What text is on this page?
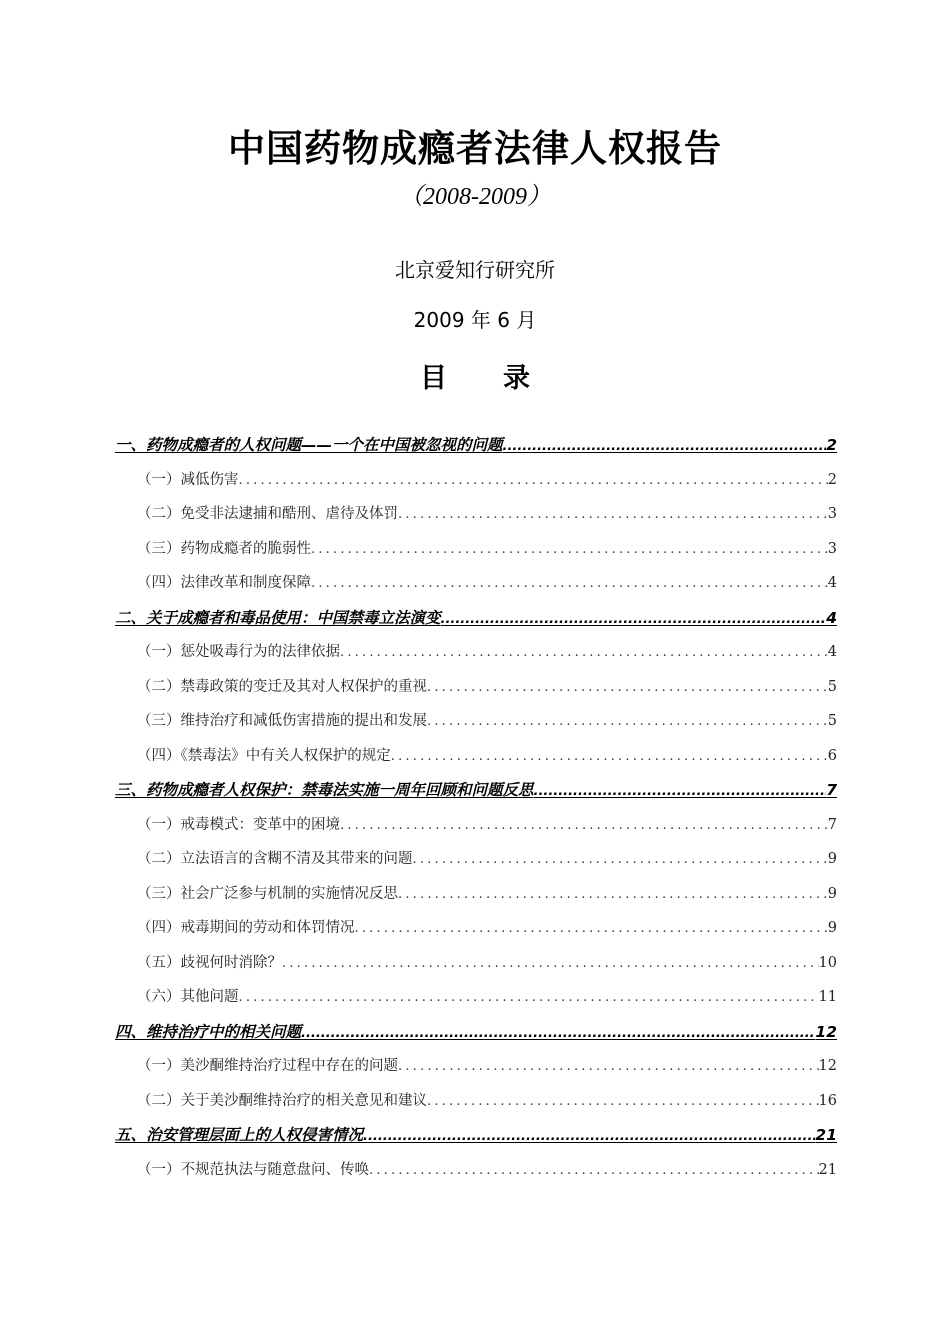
中国药物成瘾者法律人权报告
（2008-2009）
北京爱知行研究所
2009 年 6 月
目录
一、药物成瘾者的人权问题——一个在中国被忽视的问题 .....	2
（一）减低伤害 .....	2
（二）免受非法逮捕和酷刑、虐待及体罚 .....	3
（三）药物成瘾者的脆弱性 .....	3
（四）法律改革和制度保障 .....	4
二、关于成瘾者和毒品使用：中国禁毒立法演变 .....	4
（一）惩处吸毒行为的法律依据 .....	4
（二）禁毒政策的变迁及其对人权保护的重视 .....	5
（三）维持治疗和减低伤害措施的提出和发展 .....	5
（四）《禁毒法》中有关人权保护的规定 .....	6
三、药物成瘾者人权保护：禁毒法实施一周年回顾和问题反思 .....	7
（一）戒毒模式：变革中的困境 .....	7
（二）立法语言的含糊不清及其带来的问题 .....	9
（三）社会广泛参与机制的实施情况反思 .....	9
（四）戒毒期间的劳动和体罚情况 .....	9
（五）歧视何时消除？ .....	10
（六）其他问题 .....	11
四、维持治疗中的相关问题 .....	12
（一）美沙酮维持治疗过程中存在的问题 .....	12
（二）关于美沙酮维持治疗的相关意见和建议 .....	16
五、治安管理层面上的人权侵害情况 .....	21
（一）不规范执法与随意盘问、传唤 .....	21
